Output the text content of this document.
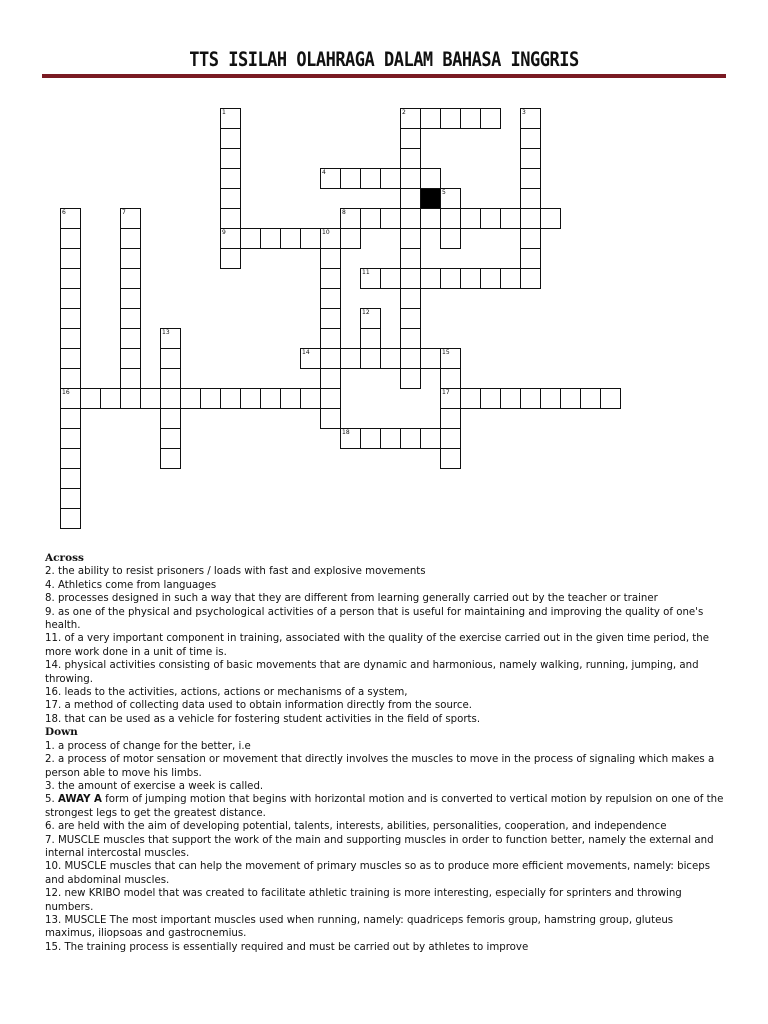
TTS ISILAH OLAHRAGA DALAM BAHASA INGGRIS
1	2	3
4
5
6	7	8
9	10
11
12
13
14	15
16	17
18
Across
2. the ability to resist prisoners / loads with fast and explosive movements
4. Athletics come from languages
8. processes designed in such a way that they are different from learning generally carried out by the teacher or trainer
9. as one of the physical and psychological activities of a person that is useful for maintaining and improving the quality of one's health.
11. of a very important component in training, associated with the quality of the exercise carried out in the given time period, the more work done in a unit of time is.
14. physical activities consisting of basic movements that are dynamic and harmonious, namely walking, running, jumping, and throwing.
16. leads to the activities, actions, actions or mechanisms of a system,
17. a method of collecting data used to obtain information directly from the source.
18. that can be used as a vehicle for fostering student activities in the field of sports.
Down
1. a process of change for the better, i.e
2. a process of motor sensation or movement that directly involves the muscles to move in the process of signaling which makes a person able to move his limbs.
3. the amount of exercise a week is called.
5. AWAY A form of jumping motion that begins with horizontal motion and is converted to vertical motion by repulsion on one of the strongest legs to get the greatest distance.
6. are held with the aim of developing potential, talents, interests, abilities, personalities, cooperation, and independence
7. MUSCLE muscles that support the work of the main and supporting muscles in order to function better, namely the external and internal intercostal muscles.
10. MUSCLE muscles that can help the movement of primary muscles so as to produce more efficient movements, namely: biceps and abdominal muscles.
12. new KRIBO model that was created to facilitate athletic training is more interesting, especially for sprinters and throwing numbers.
13. MUSCLE The most important muscles used when running, namely: quadriceps femoris group, hamstring group, gluteus maximus, iliopsoas and gastrocnemius.
15. The training process is essentially required and must be carried out by athletes to improve
